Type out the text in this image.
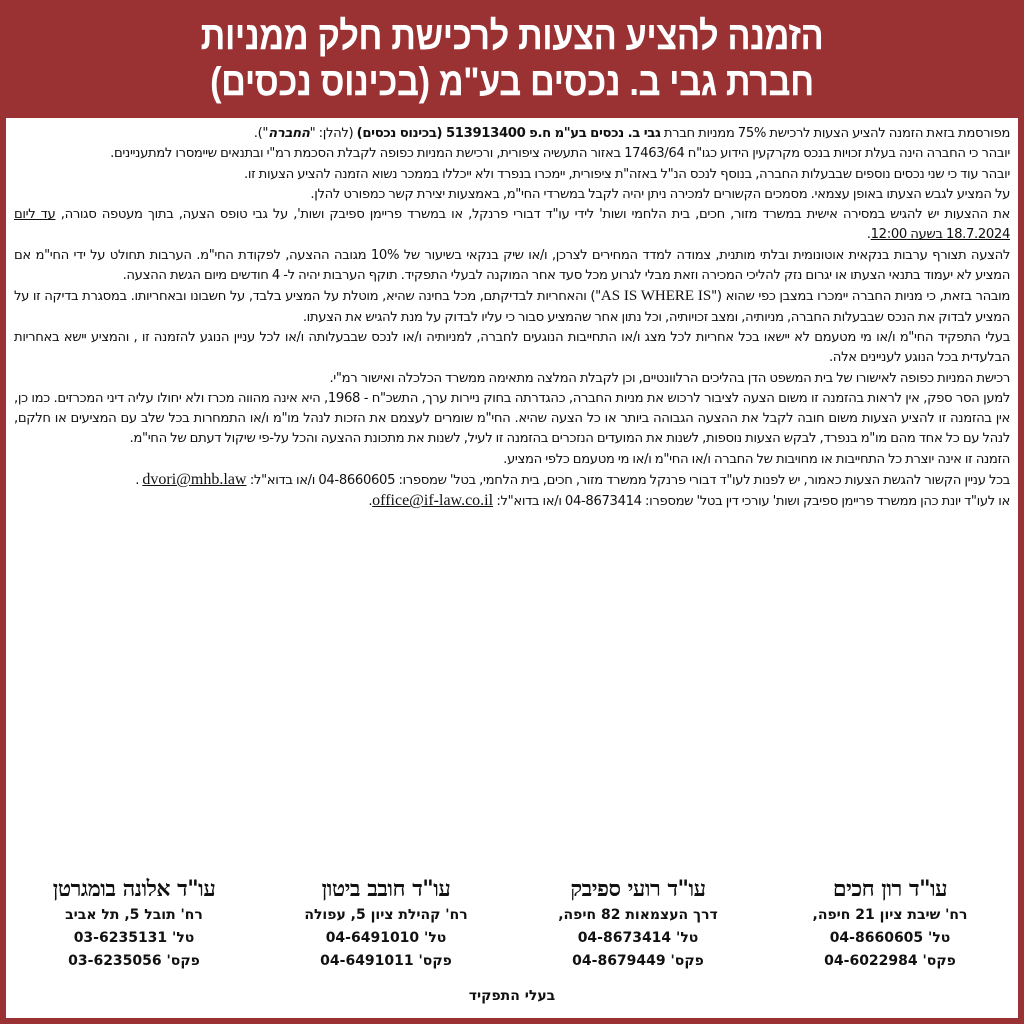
הזמנה להציע הצעות לרכישת חלק ממניות
חברת גבי ב. נכסים בע"מ (בכינוס נכסים)

מפורסמת בזאת הזמנה להציע הצעות לרכישת 75% ממניות חברת גבי ב. נכסים בע"מ ח.פ 513913400 (בכינוס נכסים) (להלן: "החברה").

יובהר כי החברה הינה בעלת זכויות בנכס מקרקעין הידוע כגו"ח 17463/64 באזור התעשיה ציפורית, ורכישת המניות כפופה לקבלת הסכמת רמ"י ובתנאים שיימסרו למתעניינים.

יובהר עוד כי שני נכסים נוספים שבבעלות החברה, בנוסף לנכס הנ"ל באזה"ת ציפורית, יימכרו בנפרד ולא ייכללו בממכר נשוא הזמנה להציע הצעות זו.

על המציע לגבש הצעתו באופן עצמאי. מסמכים הקשורים למכירה ניתן יהיה לקבל במשרדי החי"מ, באמצעות יצירת קשר כמפורט להלן.

את ההצעות יש להגיש במסירה אישית במשרד מזור, חכים, בית הלחמי ושות' לידי עו"ד דבורי פרנקל, או במשרד פריימן ספיבק ושות', על גבי טופס הצעה, בתוך מעטפה סגורה, עד ליום 18.7.2024 בשעה 12:00.

להצעה תצורף ערבות בנקאית אוטונומית ובלתי מותנית, צמודה למדד המחירים לצרכן, ו/או שיק בנקאי בשיעור של 10% מגובה ההצעה, לפקודת החי"מ. הערבות תחולט על ידי החי"מ אם המציע לא יעמוד בתנאי הצעתו או יגרום נזק להליכי המכירה וזאת מבלי לגרוע מכל סעד אחר המוקנה לבעלי התפקיד. תוקף הערבות יהיה ל- 4 חודשים מיום הגשת ההצעה.

מובהר בזאת, כי מניות החברה יימכרו במצבן כפי שהוא ("AS IS WHERE IS") והאחריות לבדיקתם, מכל בחינה שהיא, מוטלת על המציע בלבד, על חשבונו ובאחריותו. במסגרת בדיקה זו על המציע לבדוק את הנכס שבבעלות החברה, מניותיה, ומצב זכויותיה, וכל נתון אחר שהמציע סבור כי עליו לבדוק על מנת להגיש את הצעתו.

בעלי התפקיד החי"מ ו/או מי מטעמם לא יישאו בכל אחריות לכל מצג ו/או התחייבות הנוגעים לחברה, למניותיה ו/או לנכס שבבעלותה ו/או לכל עניין הנוגע להזמנה זו , והמציע יישא באחריות הבלעדית בכל הנוגע לעניינים אלה.

רכישת המניות כפופה לאישורו של בית המשפט הדן בהליכים הרלוונטיים, וכן לקבלת המלצה מתאימה ממשרד הכלכלה ואישור רמ"י.

למען הסר ספק, אין לראות בהזמנה זו משום הצעה לציבור לרכוש את מניות החברה, כהגדרתה בחוק ניירות ערך, התשכ"ח - 1968, היא אינה מהווה מכרז ולא יחולו עליה דיני המכרזים. כמו כן, אין בהזמנה זו להציע הצעות משום חובה לקבל את ההצעה הגבוהה ביותר או כל הצעה שהיא. החי"מ שומרים לעצמם את הזכות לנהל מו"מ ו/או התמחרות בכל שלב עם המציעים או חלקם, לנהל עם כל אחד מהם מו"מ בנפרד, לבקש הצעות נוספות, לשנות את המועדים הנזכרים בהזמנה זו לעיל, לשנות את מתכונת ההצעה והכל על-פי שיקול דעתם של החי"מ.

הזמנה זו אינה יוצרת כל התחייבות או מחויבות של החברה ו/או החי"מ ו/או מי מטעמם כלפי המציע.

בכל עניין הקשור להגשת הצעות כאמור, יש לפנות לעו"ד דבורי פרנקל ממשרד מזור, חכים, בית הלחמי, בטל' שמספרו: 04-8660605 ו/או בדוא"ל: dvori@mhb.law .

או לעו"ד יונת כהן ממשרד פריימן ספיבק ושות' עורכי דין בטל' שמספרו: 04-8673414 ו/או בדוא"ל: office@if-law.co.il.

עו"ד רון חכים
רח' שיבת ציון 21 חיפה,
טל' 04-8660605
פקס' 04-6022984
עו"ד רועי ספיבק
דרך העצמאות 82 חיפה,
טל' 04-8673414
פקס' 04-8679449
עו"ד חובב ביטון
רח' קהילת ציון 5, עפולה
טל' 04-6491010
פקס' 04-6491011
עו"ד אלונה בומגרטן
רח' תובל 5, תל אביב
טל' 03-6235131
פקס' 03-6235056
בעלי התפקיד
